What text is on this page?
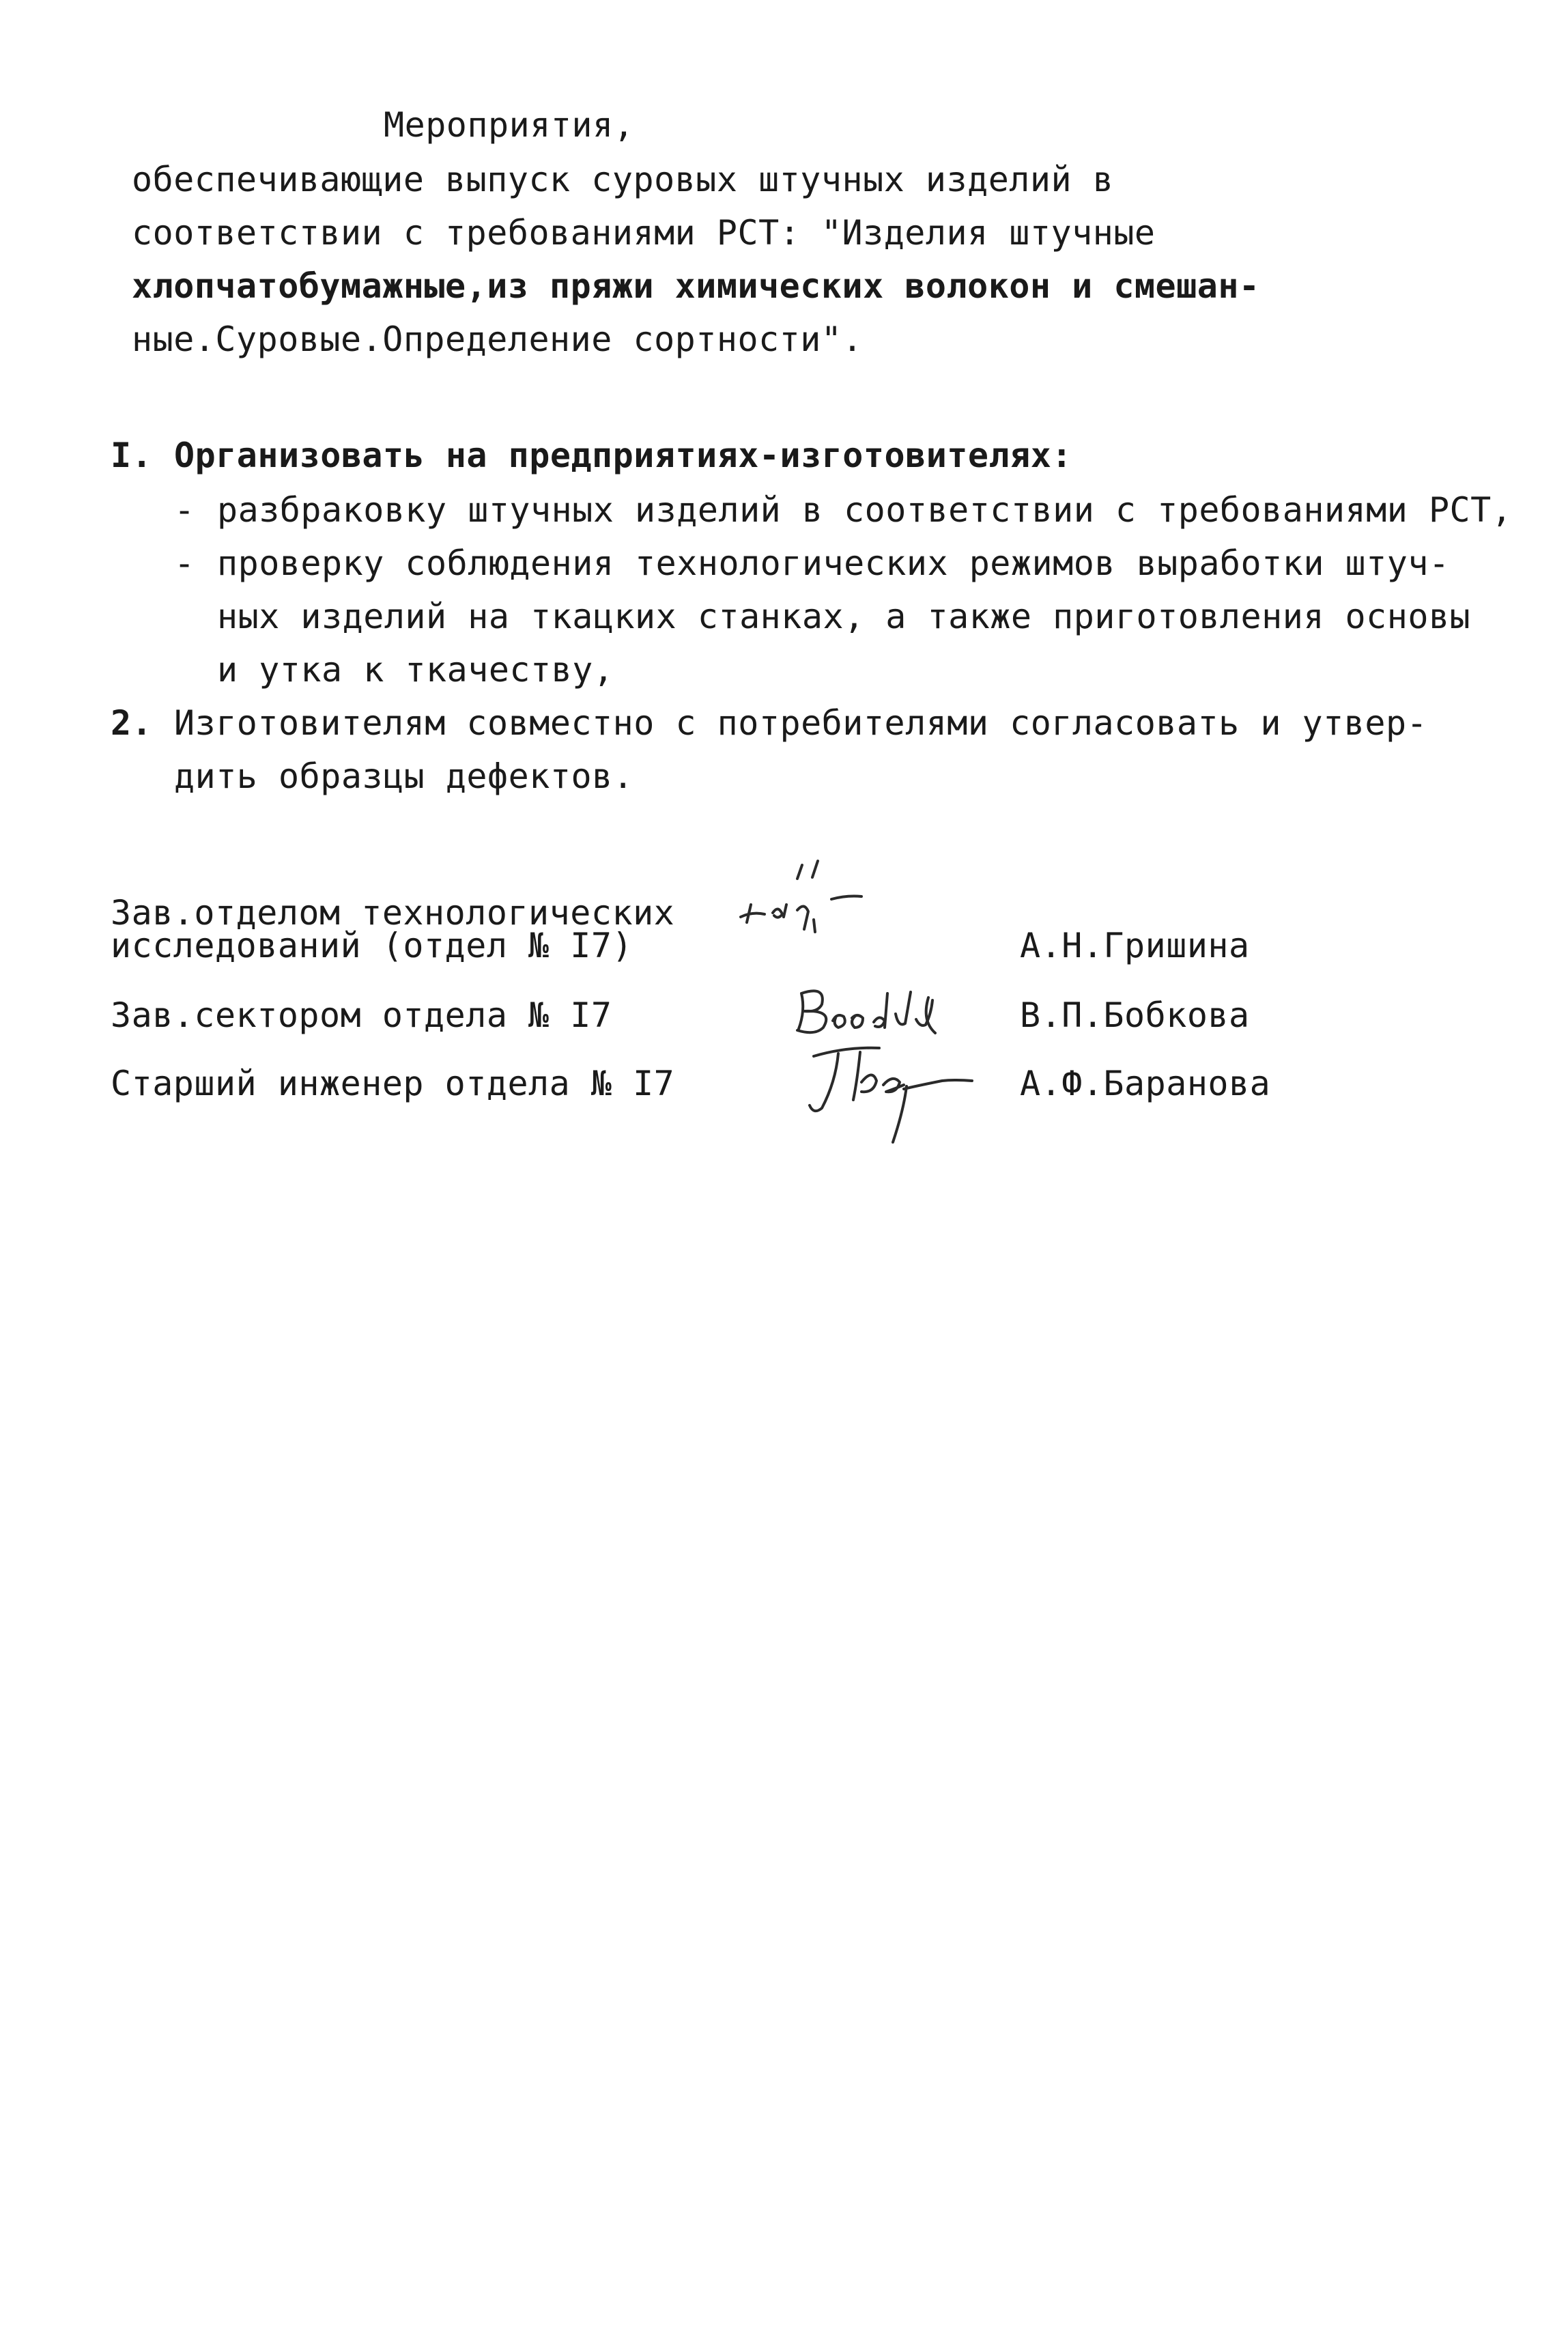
Мероприятия,
обеспечивающие выпуск суровых штучных изделий в
соответствии с требованиями РСТ: "Изделия штучные
хлопчатобумажные,из пряжи химических волокон и смешан-
ные.Суровые.Определение сортности".
I. Организовать на предприятиях-изготовителях:
- разбраковку штучных изделий в соответствии с требованиями РСТ,
- проверку соблюдения технологических режимов выработки штуч-
ных изделий на ткацких станках, а также приготовления основы
и утка к ткачеству,
2. Изготовителям совместно с потребителями согласовать и утвер-
дить образцы дефектов.
Зав.отделом технологических
исследований (отдел № I7)	А.Н.Гришина
Зав.сектором отдела № I7	В.П.Бобкова
Старший инженер отдела № I7	А.Ф.Баранова
